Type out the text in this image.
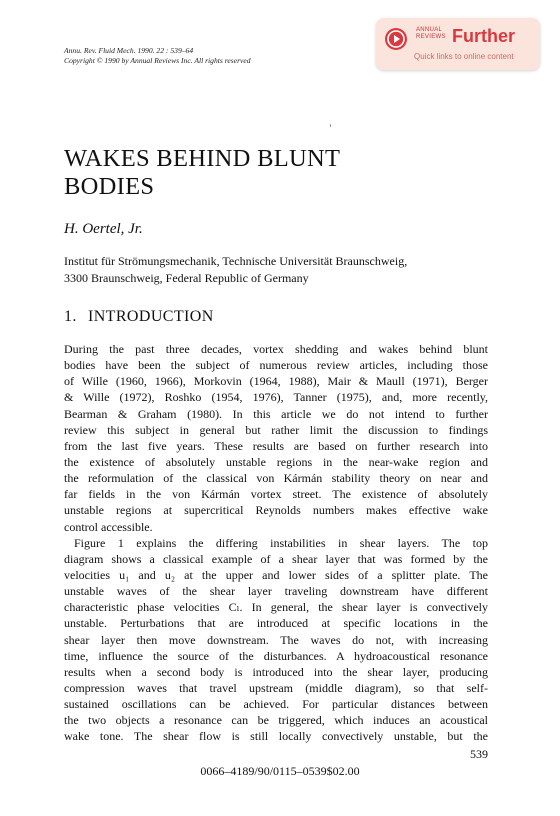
Annu. Rev. Fluid Mech. 1990. 22 : 539–64
Copyright © 1990 by Annual Reviews Inc. All rights reserved
ANNUAL
REVIEWS Further
Quick links to online content
WAKES BEHIND BLUNT
BODIES
H. Oertel, Jr.
Institut für Strömungsmechanik, Technische Universität Braunschweig,
3300 Braunschweig, Federal Republic of Germany
1. INTRODUCTION
During the past three decades, vortex shedding and wakes behind blunt
bodies have been the subject of numerous review articles, including those
of Wille (1960, 1966), Morkovin (1964, 1988), Mair & Maull (1971), Berger
& Wille (1972), Roshko (1954, 1976), Tanner (1975), and, more recently,
Bearman & Graham (1980). In this article we do not intend to further
review this subject in general but rather limit the discussion to findings
from the last five years. These results are based on further research into
the existence of absolutely unstable regions in the near-wake region and
the reformulation of the classical von Kármán stability theory on near and
far fields in the von Kármán vortex street. The existence of absolutely
unstable regions at supercritical Reynolds numbers makes effective wake
control accessible.
Figure 1 explains the differing instabilities in shear layers. The top
diagram shows a classical example of a shear layer that was formed by the
velocities u₁ and u₂ at the upper and lower sides of a splitter plate. The
unstable waves of the shear layer traveling downstream have different
characteristic phase velocities Cₗ. In general, the shear layer is convectively
unstable. Perturbations that are introduced at specific locations in the
shear layer then move downstream. The waves do not, with increasing
time, influence the source of the disturbances. A hydroacoustical resonance
results when a second body is introduced into the shear layer, producing
compression waves that travel upstream (middle diagram), so that self-
sustained oscillations can be achieved. For particular distances between
the two objects a resonance can be triggered, which induces an acoustical
wake tone. The shear flow is still locally convectively unstable, but the
539
0066–4189/90/0115–0539$02.00
